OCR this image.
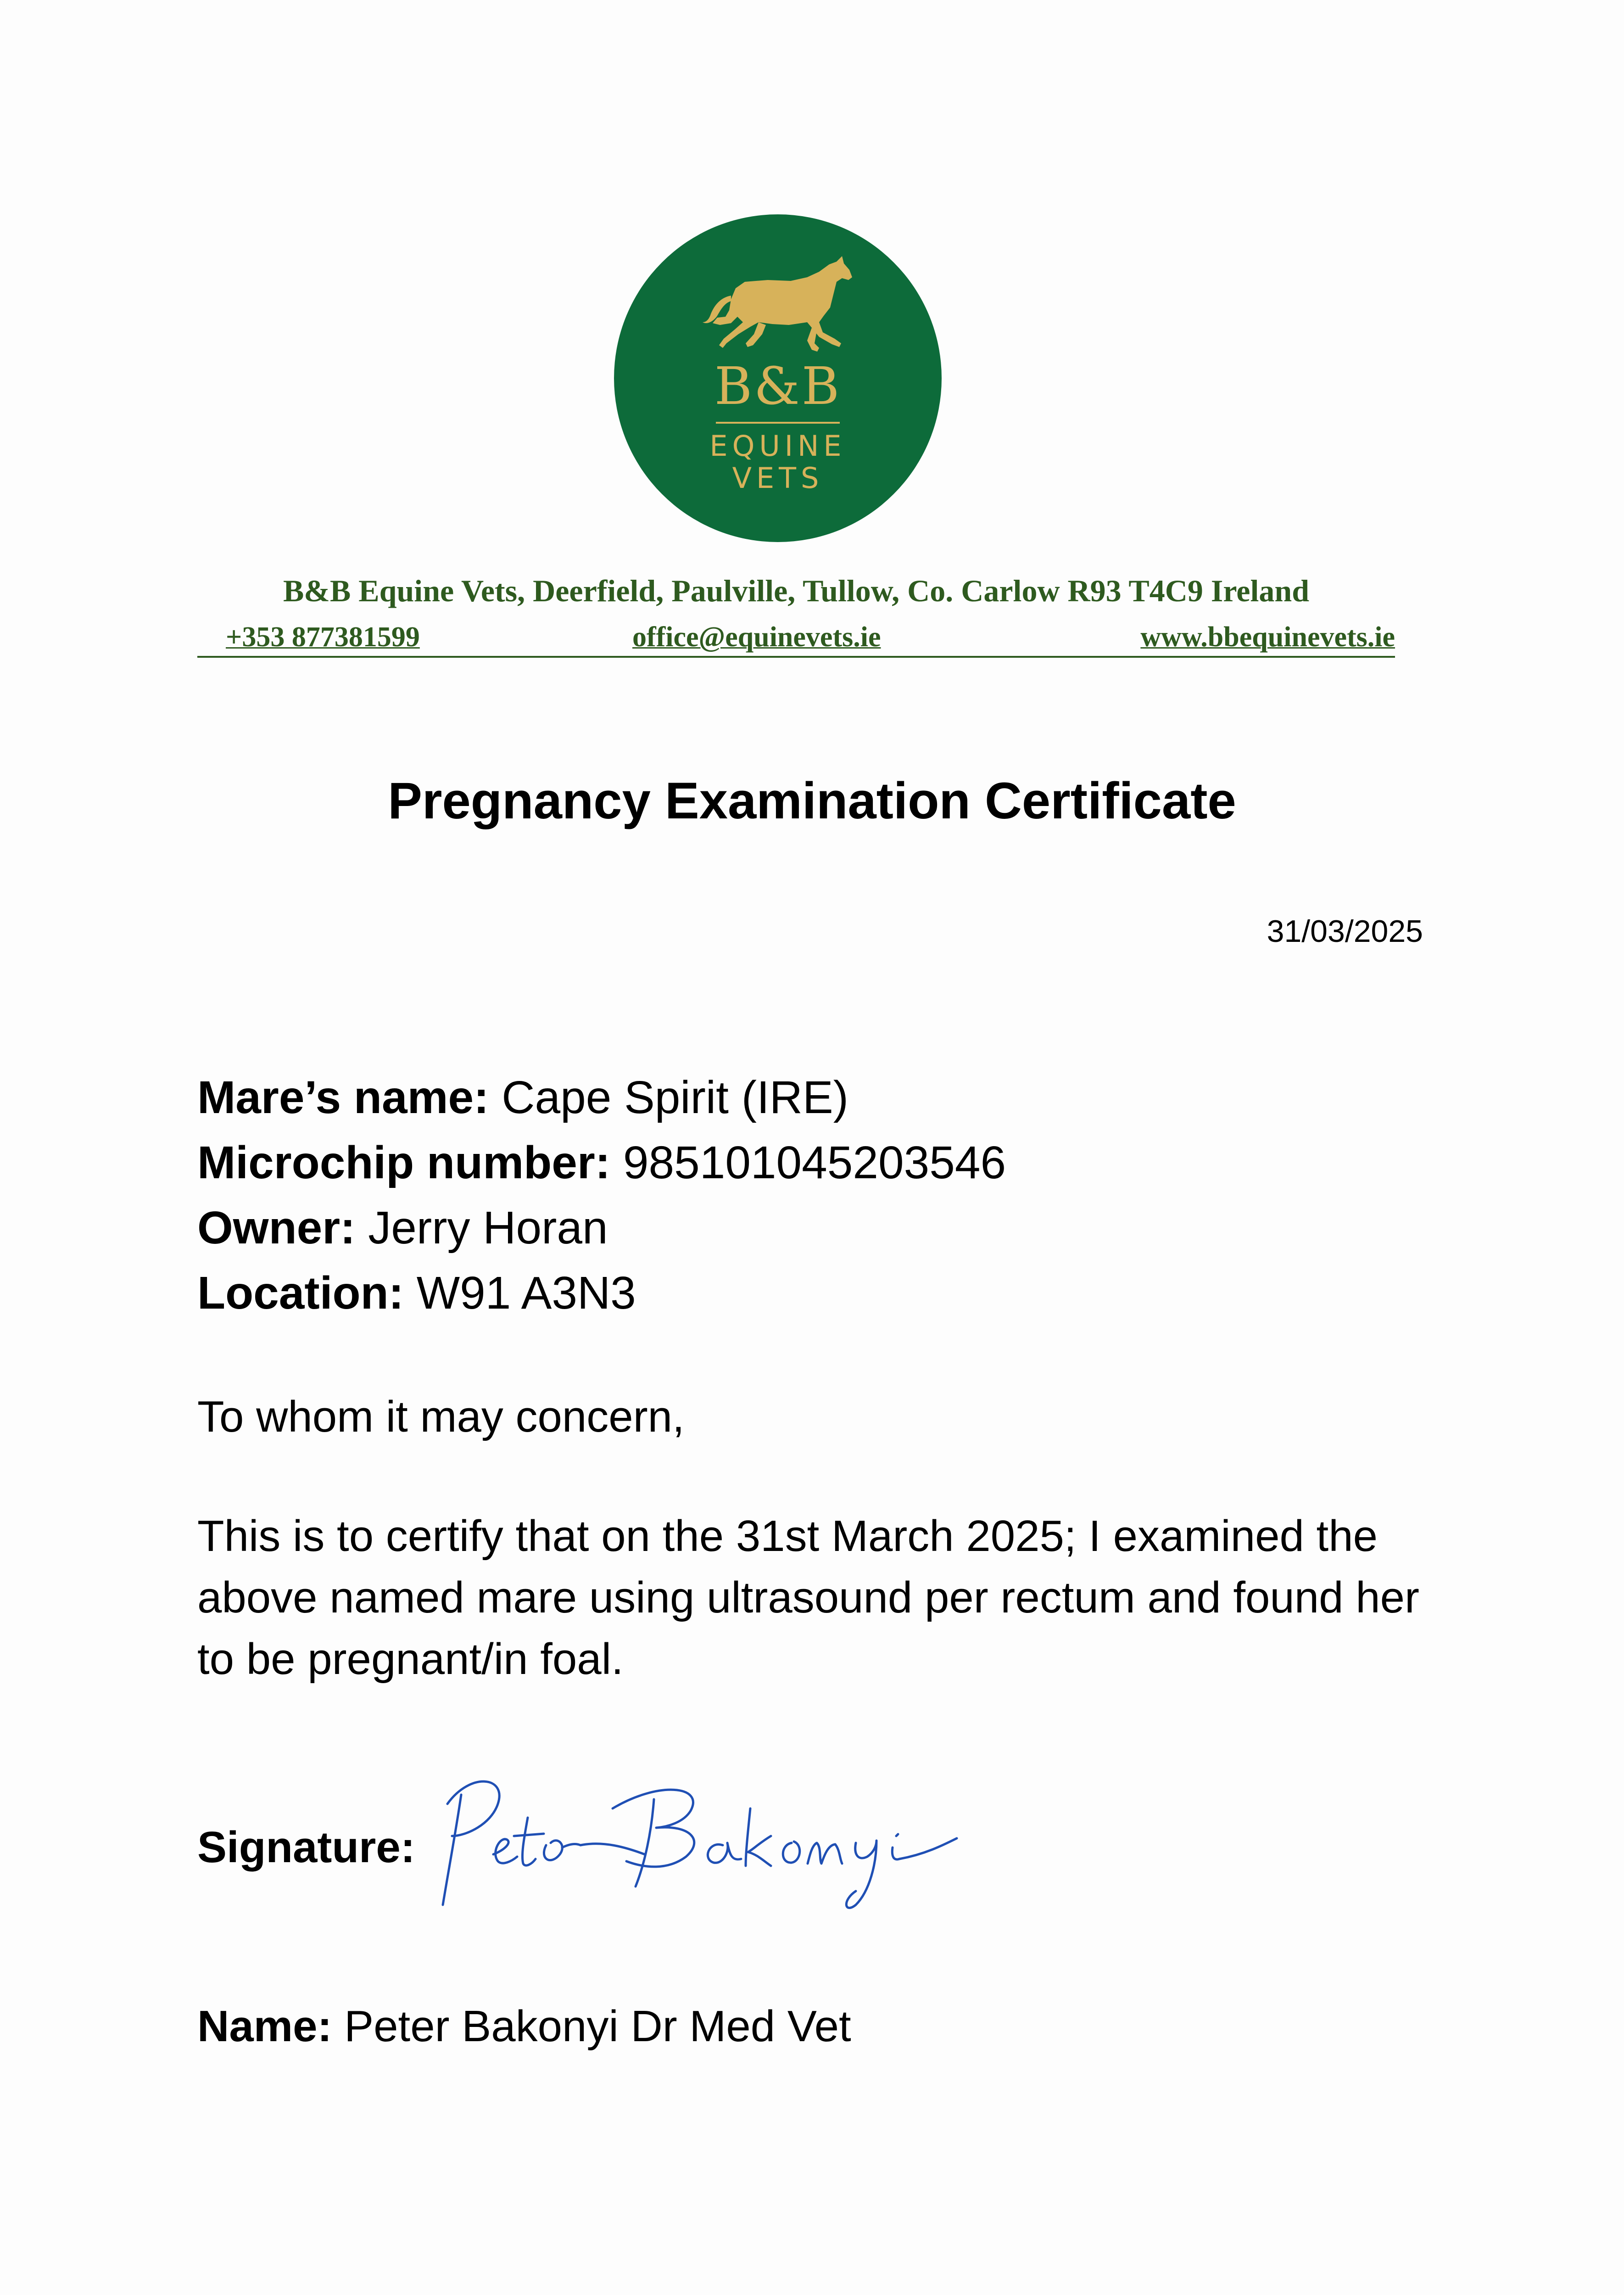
B&B
EQUINE
VETS
B&B Equine Vets, Deerfield, Paulville, Tullow, Co. Carlow R93 T4C9 Ireland
+353 877381599	office@equinevets.ie	www.bbequinevets.ie
Pregnancy Examination Certificate
31/03/2025
Mare’s name: Cape Spirit (IRE)
Microchip number: 985101045203546
Owner: Jerry Horan
Location: W91 A3N3
To whom it may concern,
This is to certify that on the 31st March 2025; I examined the above named mare using ultrasound per rectum and found her to be pregnant/in foal.
Signature:
Name: Peter Bakonyi Dr Med Vet
